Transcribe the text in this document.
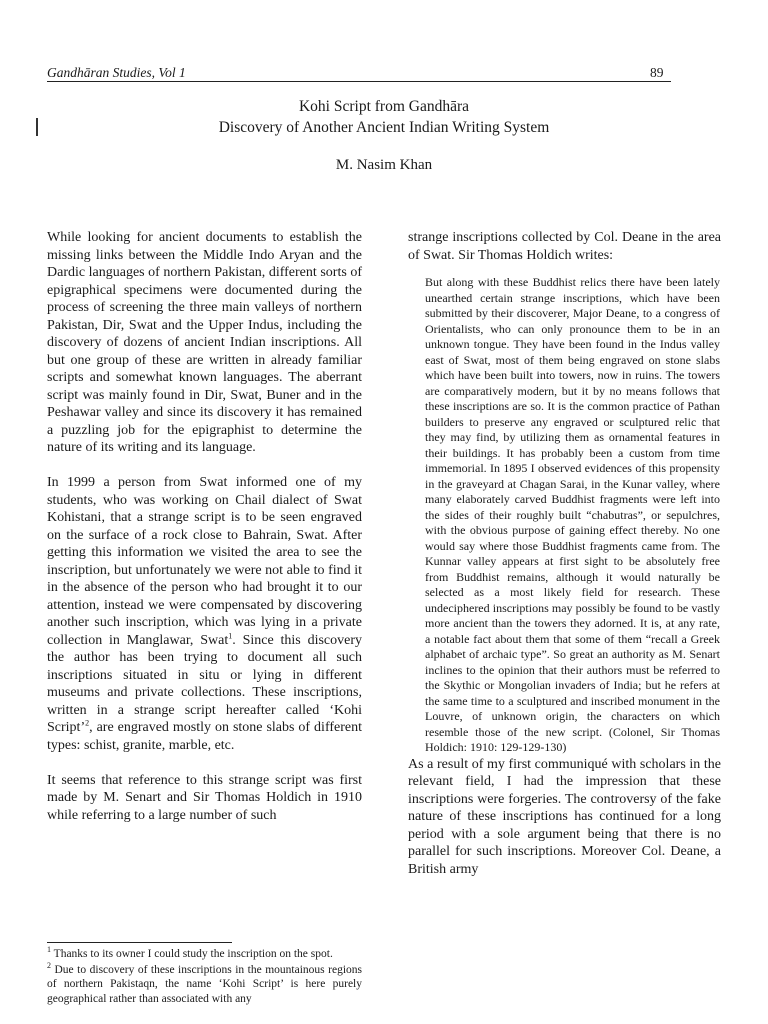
Gandhāran Studies, Vol 1	89
Kohi Script from Gandhāra
Discovery of Another Ancient Indian Writing System
M. Nasim Khan

While looking for ancient documents to establish the missing links between the Middle Indo Aryan and the Dardic languages of northern Pakistan, different sorts of epigraphical specimens were documented during the process of screening the three main valleys of northern Pakistan, Dir, Swat and the Upper Indus, including the discovery of dozens of ancient Indian inscriptions. All but one group of these are written in already familiar scripts and somewhat known languages. The aberrant script was mainly found in Dir, Swat, Buner and in the Peshawar valley and since its discovery it has remained a puzzling job for the epigraphist to determine the nature of its writing and its language.

In 1999 a person from Swat informed one of my students, who was working on Chail dialect of Swat Kohistani, that a strange script is to be seen engraved on the surface of a rock close to Bahrain, Swat. After getting this information we visited the area to see the inscription, but unfortunately we were not able to find it in the absence of the person who had brought it to our attention, instead we were compensated by discovering another such inscription, which was lying in a private collection in Manglawar, Swat$^1$. Since this discovery the author has been trying to document all such inscriptions situated in situ or lying in different museums and private collections. These inscriptions, written in a strange script hereafter called ‘Kohi Script’$^2$, are engraved mostly on stone slabs of different types: schist, granite, marble, etc.

It seems that reference to this strange script was first made by M. Senart and Sir Thomas Holdich in 1910 while referring to a large number of such

strange inscriptions collected by Col. Deane in the area of Swat. Sir Thomas Holdich writes:

But along with these Buddhist relics there have been lately unearthed certain strange inscriptions, which have been submitted by their discoverer, Major Deane, to a congress of Orientalists, who can only pronounce them to be in an unknown tongue. They have been found in the Indus valley east of Swat, most of them being engraved on stone slabs which have been built into towers, now in ruins. The towers are comparatively modern, but it by no means follows that these inscriptions are so. It is the common practice of Pathan builders to preserve any engraved or sculptured relic that they may find, by utilizing them as ornamental features in their buildings. It has probably been a custom from time immemorial. In 1895 I observed evidences of this propensity in the graveyard at Chagan Sarai, in the Kunar valley, where many elaborately carved Buddhist fragments were left into the sides of their roughly built “chabutras”, or sepulchres, with the obvious purpose of gaining effect thereby. No one would say where those Buddhist fragments came from. The Kunnar valley appears at first sight to be absolutely free from Buddhist remains, although it would naturally be selected as a most likely field for research. These undeciphered inscriptions may possibly be found to be vastly more ancient than the towers they adorned. It is, at any rate, a notable fact about them that some of them “recall a Greek alphabet of archaic type”. So great an authority as M. Senart inclines to the opinion that their authors must be referred to the Skythic or Mongolian invaders of India; but he refers at the same time to a sculptured and inscribed monument in the Louvre, of unknown origin, the characters on which resemble those of the new script. (Colonel, Sir Thomas Holdich: 1910: 129-129-130)

As a result of my first communiqué with scholars in the relevant field, I had the impression that these inscriptions were forgeries. The controversy of the fake nature of these inscriptions has continued for a long period with a sole argument being that there is no parallel for such inscriptions. Moreover Col. Deane, a British army

$^1$ Thanks to its owner I could study the inscription on the spot.

$^2$ Due to discovery of these inscriptions in the mountainous regions of northern Pakistaqn, the name ‘Kohi Script’ is here purely geographical rather than associated with any
